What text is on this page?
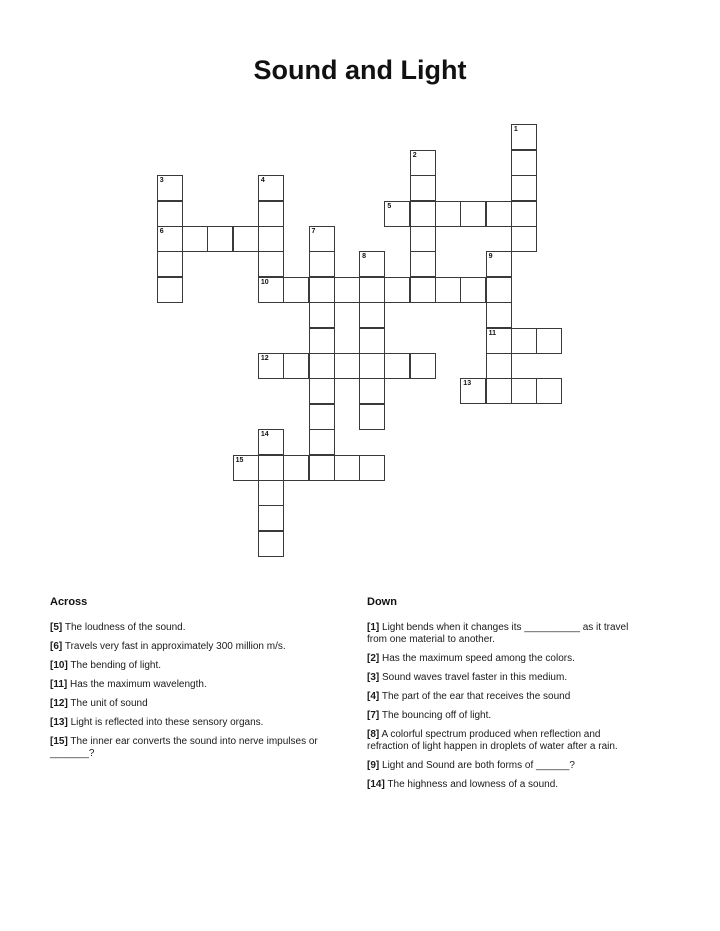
Sound and Light
1
2
3	4
5
6	7
8	9
10
11
12
13
14
15
Across
[5] The loudness of the sound.
[6] Travels very fast in approximately 300 million m/s.
[10] The bending of light.
[11] Has the maximum wavelength.
[12] The unit of sound
[13] Light is reflected into these sensory organs.
[15] The inner ear converts the sound into nerve impulses or _______?
Down
[1] Light bends when it changes its __________ as it travel from one material to another.
[2] Has the maximum speed among the colors.
[3] Sound waves travel faster in this medium.
[4] The part of the ear that receives the sound
[7] The bouncing off of light.
[8] A colorful spectrum produced when reflection and refraction of light happen in droplets of water after a rain.
[9] Light and Sound are both forms of ______?
[14] The highness and lowness of a sound.
